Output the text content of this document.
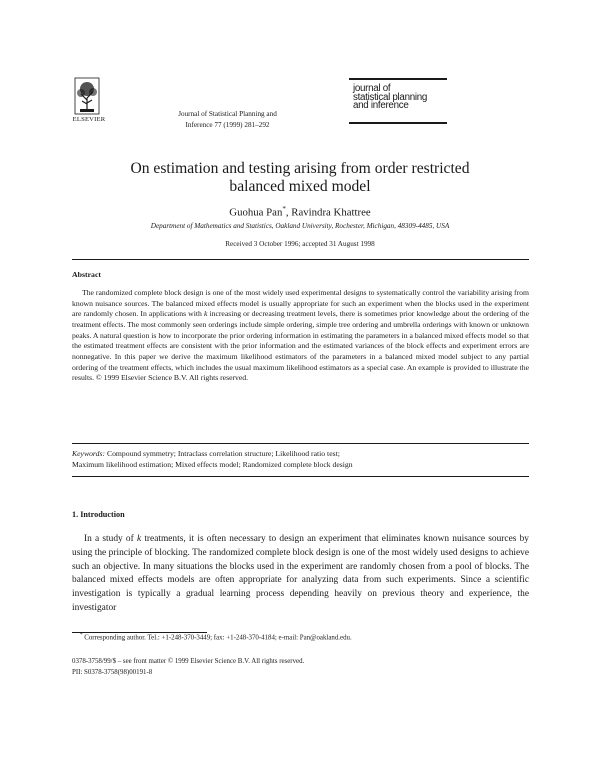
ELSEVIER
Journal of Statistical Planning and
Inference 77 (1999) 281–292
journal of
statistical planning
and inference
On estimation and testing arising from order restricted
balanced mixed model
Guohua Pan*, Ravindra Khattree
Department of Mathematics and Statistics, Oakland University, Rochester, Michigan, 48309-4485, USA
Received 3 October 1996; accepted 31 August 1998
Abstract
The randomized complete block design is one of the most widely used experimental designs to systematically control the variability arising from known nuisance sources. The balanced mixed effects model is usually appropriate for such an experiment when the blocks used in the experiment are randomly chosen. In applications with k increasing or decreasing treatment levels, there is sometimes prior knowledge about the ordering of the treatment effects. The most commonly seen orderings include simple ordering, simple tree ordering and umbrella orderings with known or unknown peaks. A natural question is how to incorporate the prior ordering information in estimating the parameters in a balanced mixed effects model so that the estimated treatment effects are consistent with the prior information and the estimated variances of the block effects and experiment errors are nonnegative. In this paper we derive the maximum likelihood estimators of the parameters in a balanced mixed model subject to any partial ordering of the treatment effects, which includes the usual maximum likelihood estimators as a special case. An example is provided to illustrate the results. © 1999 Elsevier Science B.V. All rights reserved.
Keywords: Compound symmetry; Intraclass correlation structure; Likelihood ratio test;
Maximum likelihood estimation; Mixed effects model; Randomized complete block design
1. Introduction
In a study of k treatments, it is often necessary to design an experiment that eliminates known nuisance sources by using the principle of blocking. The randomized complete block design is one of the most widely used designs to achieve such an objective. In many situations the blocks used in the experiment are randomly chosen from a pool of blocks. The balanced mixed effects models are often appropriate for analyzing data from such experiments. Since a scientific investigation is typically a gradual learning process depending heavily on previous theory and experience, the investigator
* Corresponding author. Tel.: +1-248-370-3449; fax: +1-248-370-4184; e-mail: Pan@oakland.edu.
0378-3758/99/$ – see front matter © 1999 Elsevier Science B.V. All rights reserved.
PII: S0378-3758(98)00191-8
